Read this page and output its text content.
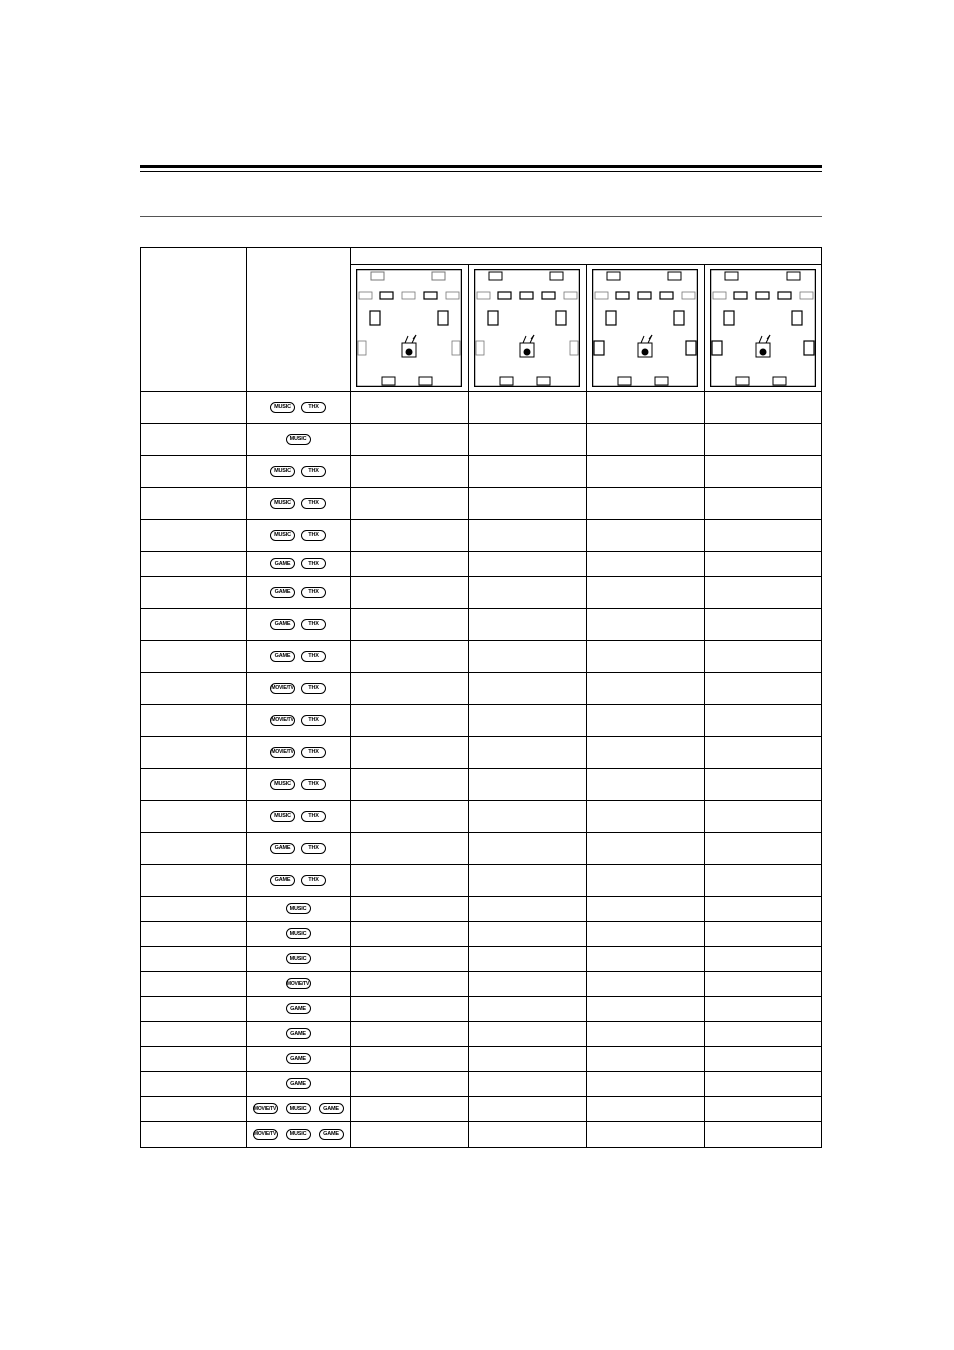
MUSIC	THX
MUSIC
MUSIC	THX
MUSIC	THX
MUSIC	THX
GAME	THX
GAME	THX
GAME	THX
GAME	THX
MOVIE/TV	THX
MOVIE/TV	THX
MOVIE/TV	THX
MUSIC	THX
MUSIC	THX
GAME	THX
GAME	THX
MUSIC
MUSIC
MUSIC
MOVIE/TV
GAME
GAME
GAME
GAME
MOVIE/TV	MUSIC	GAME
MOVIE/TV	MUSIC	GAME
